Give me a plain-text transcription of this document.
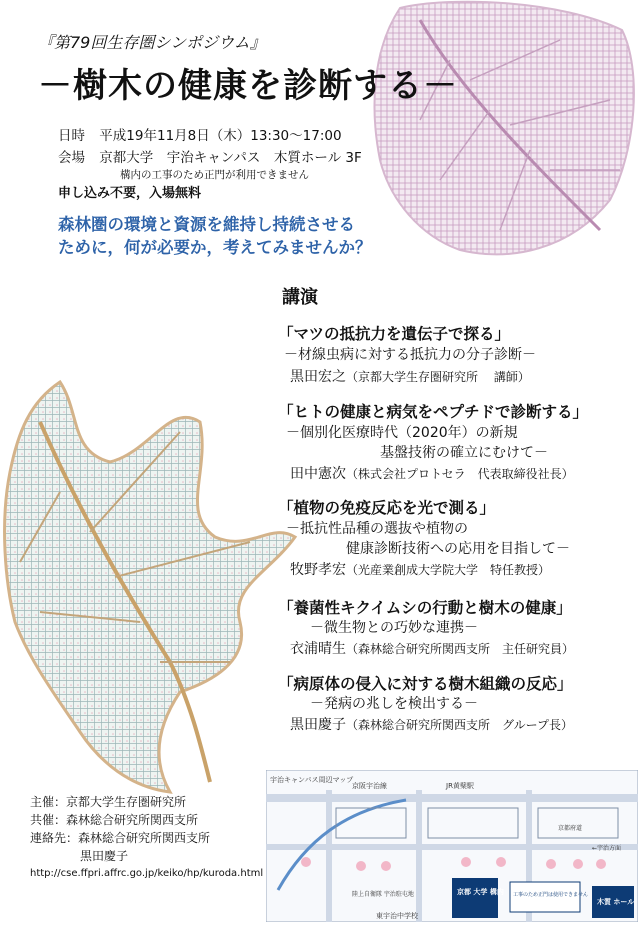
『第79回生存圏シンポジウム』
－樹木の健康を診断する－
日時 平成19年11月8日（木）13:30～17:00
会場 京都大学　宇治キャンパス　木質ホール 3F
構内の工事のため正門が利用できません
申し込み不要，入場無料
森林圏の環境と資源を維持し持続させる
ために，何が必要か，考えてみませんか？
講演
「マツの抵抗力を遺伝子で探る」
－材線虫病に対する抵抗力の分子診断－
黒田宏之（京都大学生存圏研究所　 講師）
「ヒトの健康と病気をペプチドで診断する」
－個別化医療時代（2020年）の新規
基盤技術の確立にむけて－
田中憲次（株式会社プロトセラ　代表取締役社長）
「植物の免疫反応を光で測る」
－抵抗性品種の選抜や植物の
健康診断技術への応用を目指して－
牧野孝宏（光産業創成大学院大学　特任教授）
「養菌性キクイムシの行動と樹木の健康」
－微生物との巧妙な連携－
衣浦晴生（森林総合研究所関西支所　主任研究員）
「病原体の侵入に対する樹木組織の反応」
－発病の兆しを検出する－
黒田慶子（森林総合研究所関西支所　グループ長）
主催：京都大学生存圏研究所
共催：森林総合研究所関西支所
連絡先：森林総合研究所関西支所
黒田慶子
http://cse.ffpri.affrc.go.jp/keiko/hp/kuroda.html
宇治キャンパス周辺マップ
JR黄檗駅
京阪宇治線
京都府道
東宇治中学校
陸上自衛隊 宇治駐屯地	京都 大学 構内
木質 ホール
工事のため正門は使用できません
←宇治方面
